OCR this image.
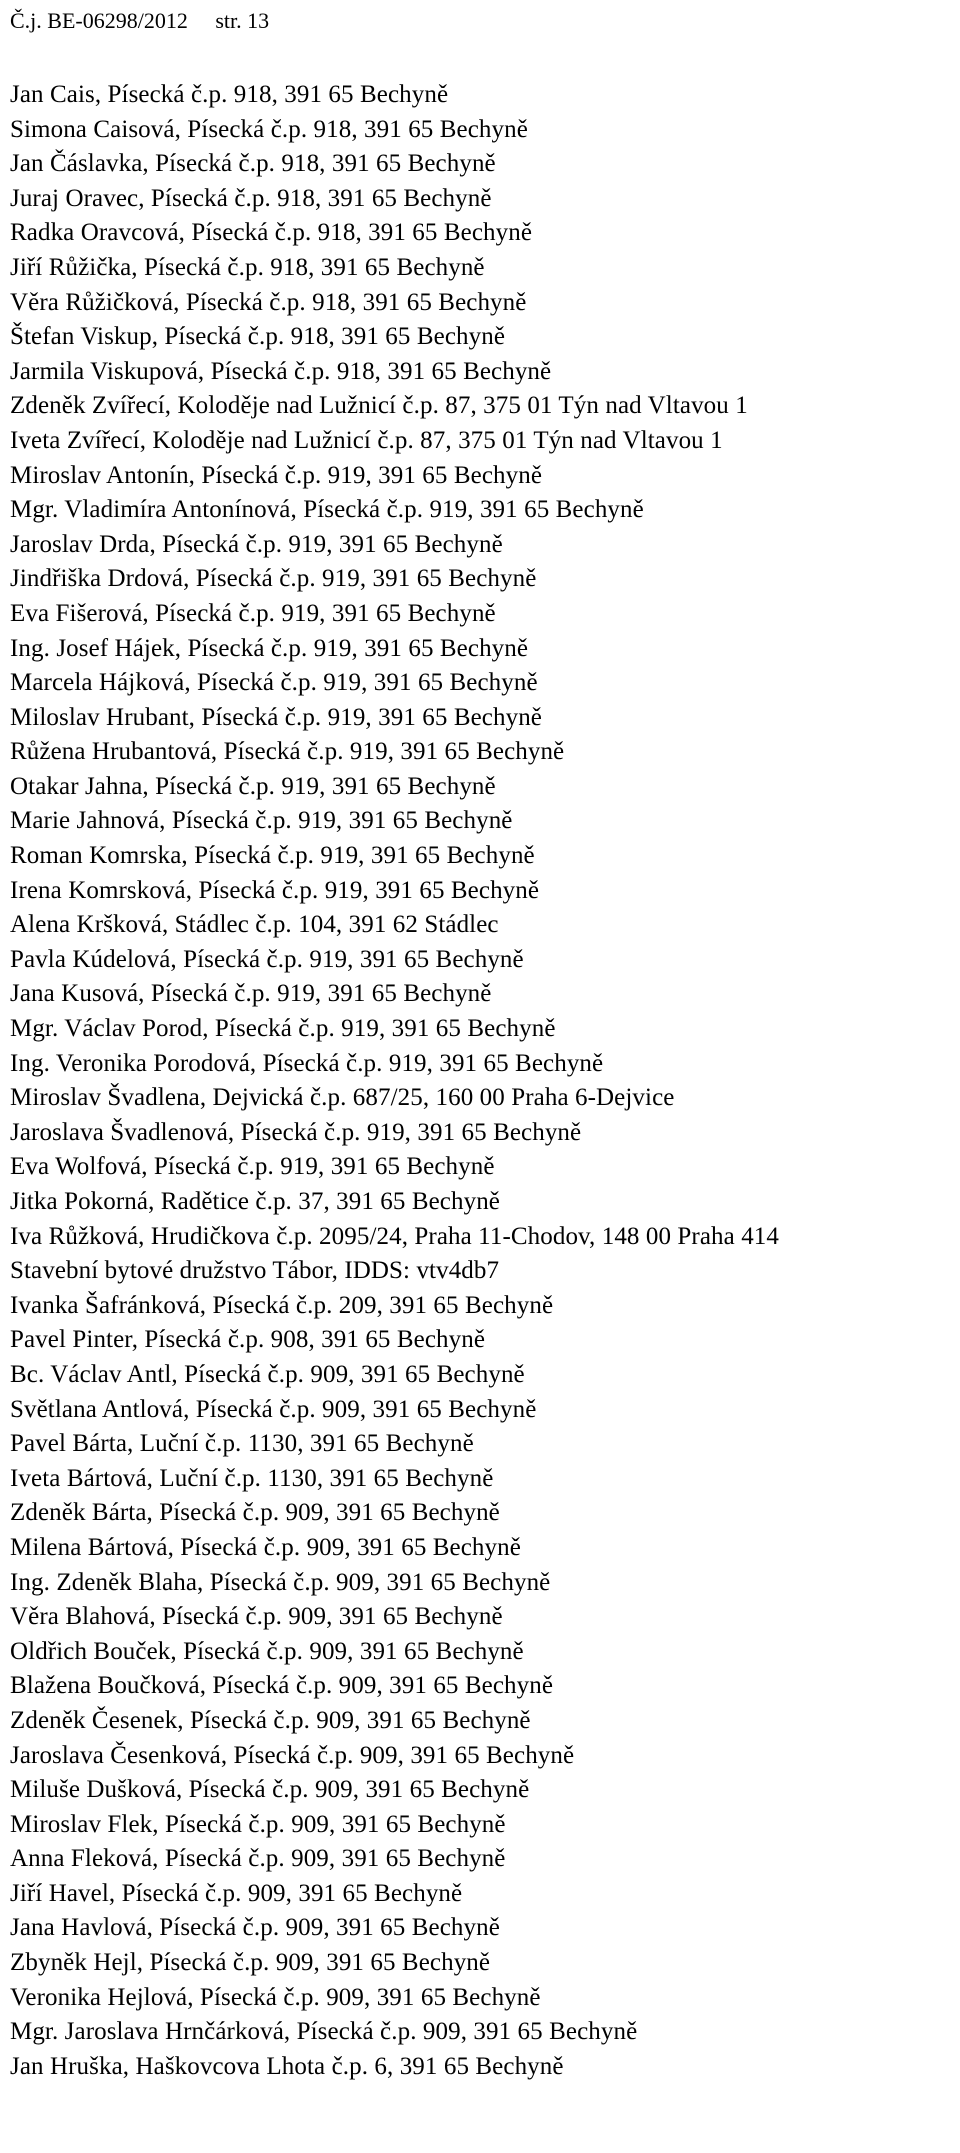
Č.j. BE-06298/2012 str. 13
Jan Cais, Písecká č.p. 918, 391 65 Bechyně
Simona Caisová, Písecká č.p. 918, 391 65 Bechyně
Jan Čáslavka, Písecká č.p. 918, 391 65 Bechyně
Juraj Oravec, Písecká č.p. 918, 391 65 Bechyně
Radka Oravcová, Písecká č.p. 918, 391 65 Bechyně
Jiří Růžička, Písecká č.p. 918, 391 65 Bechyně
Věra Růžičková, Písecká č.p. 918, 391 65 Bechyně
Štefan Viskup, Písecká č.p. 918, 391 65 Bechyně
Jarmila Viskupová, Písecká č.p. 918, 391 65 Bechyně
Zdeněk Zvířecí, Koloděje nad Lužnicí č.p. 87, 375 01 Týn nad Vltavou 1
Iveta Zvířecí, Koloděje nad Lužnicí č.p. 87, 375 01 Týn nad Vltavou 1
Miroslav Antonín, Písecká č.p. 919, 391 65 Bechyně
Mgr. Vladimíra Antonínová, Písecká č.p. 919, 391 65 Bechyně
Jaroslav Drda, Písecká č.p. 919, 391 65 Bechyně
Jindřiška Drdová, Písecká č.p. 919, 391 65 Bechyně
Eva Fišerová, Písecká č.p. 919, 391 65 Bechyně
Ing. Josef Hájek, Písecká č.p. 919, 391 65 Bechyně
Marcela Hájková, Písecká č.p. 919, 391 65 Bechyně
Miloslav Hrubant, Písecká č.p. 919, 391 65 Bechyně
Růžena Hrubantová, Písecká č.p. 919, 391 65 Bechyně
Otakar Jahna, Písecká č.p. 919, 391 65 Bechyně
Marie Jahnová, Písecká č.p. 919, 391 65 Bechyně
Roman Komrska, Písecká č.p. 919, 391 65 Bechyně
Irena Komrsková, Písecká č.p. 919, 391 65 Bechyně
Alena Kršková, Stádlec č.p. 104, 391 62 Stádlec
Pavla Kúdelová, Písecká č.p. 919, 391 65 Bechyně
Jana Kusová, Písecká č.p. 919, 391 65 Bechyně
Mgr. Václav Porod, Písecká č.p. 919, 391 65 Bechyně
Ing. Veronika Porodová, Písecká č.p. 919, 391 65 Bechyně
Miroslav Švadlena, Dejvická č.p. 687/25, 160 00 Praha 6-Dejvice
Jaroslava Švadlenová, Písecká č.p. 919, 391 65 Bechyně
Eva Wolfová, Písecká č.p. 919, 391 65 Bechyně
Jitka Pokorná, Radětice č.p. 37, 391 65 Bechyně
Iva Růžková, Hrudičkova č.p. 2095/24, Praha 11-Chodov, 148 00 Praha 414
Stavební bytové družstvo Tábor, IDDS: vtv4db7
Ivanka Šafránková, Písecká č.p. 209, 391 65 Bechyně
Pavel Pinter, Písecká č.p. 908, 391 65 Bechyně
Bc. Václav Antl, Písecká č.p. 909, 391 65 Bechyně
Světlana Antlová, Písecká č.p. 909, 391 65 Bechyně
Pavel Bárta, Luční č.p. 1130, 391 65 Bechyně
Iveta Bártová, Luční č.p. 1130, 391 65 Bechyně
Zdeněk Bárta, Písecká č.p. 909, 391 65 Bechyně
Milena Bártová, Písecká č.p. 909, 391 65 Bechyně
Ing. Zdeněk Blaha, Písecká č.p. 909, 391 65 Bechyně
Věra Blahová, Písecká č.p. 909, 391 65 Bechyně
Oldřich Bouček, Písecká č.p. 909, 391 65 Bechyně
Blažena Boučková, Písecká č.p. 909, 391 65 Bechyně
Zdeněk Česenek, Písecká č.p. 909, 391 65 Bechyně
Jaroslava Česenková, Písecká č.p. 909, 391 65 Bechyně
Miluše Dušková, Písecká č.p. 909, 391 65 Bechyně
Miroslav Flek, Písecká č.p. 909, 391 65 Bechyně
Anna Fleková, Písecká č.p. 909, 391 65 Bechyně
Jiří Havel, Písecká č.p. 909, 391 65 Bechyně
Jana Havlová, Písecká č.p. 909, 391 65 Bechyně
Zbyněk Hejl, Písecká č.p. 909, 391 65 Bechyně
Veronika Hejlová, Písecká č.p. 909, 391 65 Bechyně
Mgr. Jaroslava Hrnčárková, Písecká č.p. 909, 391 65 Bechyně
Jan Hruška, Haškovcova Lhota č.p. 6, 391 65 Bechyně
